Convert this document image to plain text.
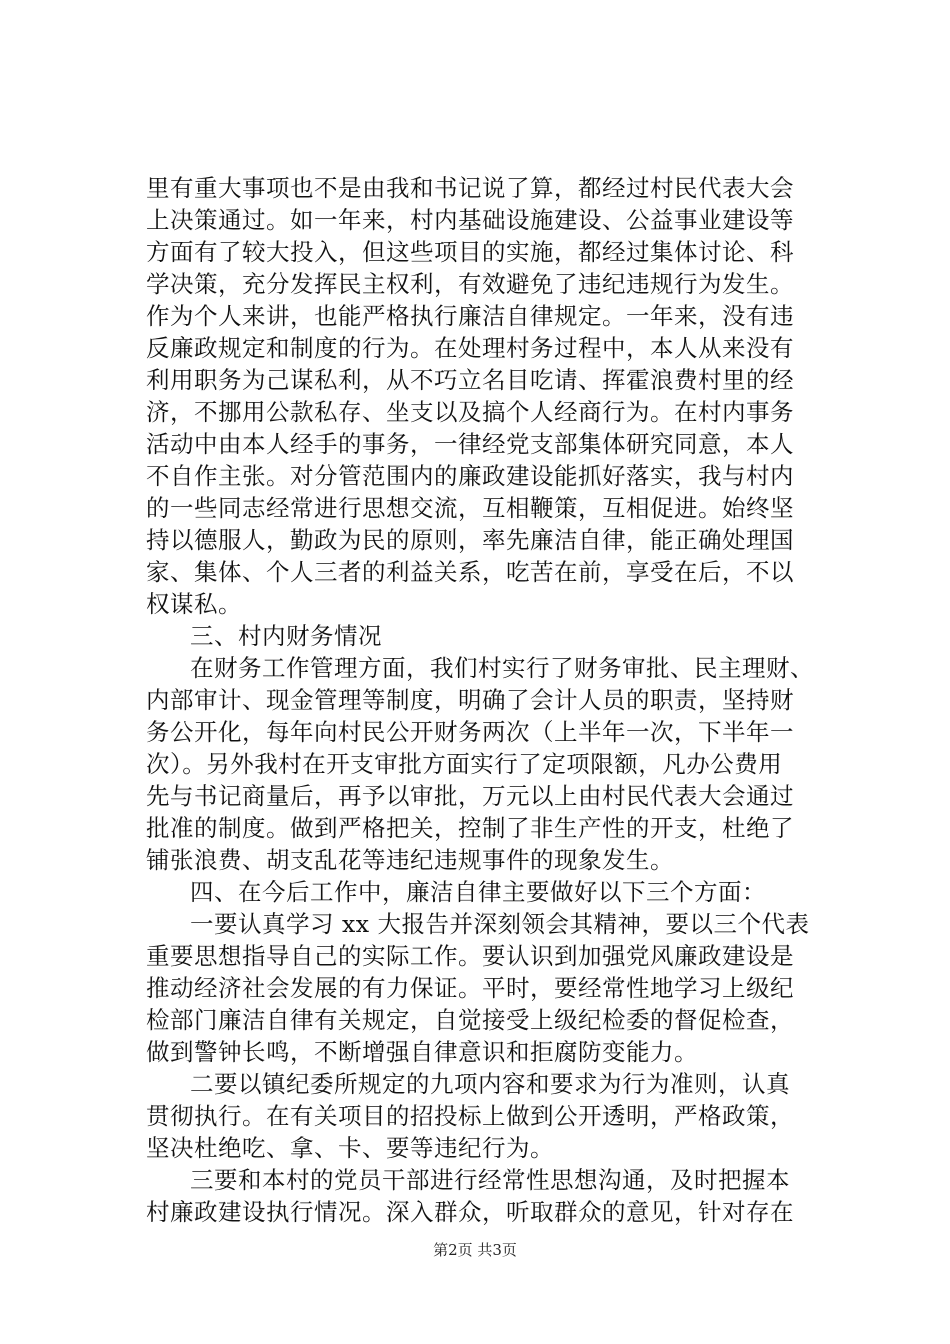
里有重大事项也不是由我和书记说了算，都经过村民代表大会
上决策通过。如一年来，村内基础设施建设、公益事业建设等
方面有了较大投入，但这些项目的实施，都经过集体讨论、科
学决策，充分发挥民主权利，有效避免了违纪违规行为发生。
作为个人来讲，也能严格执行廉洁自律规定。一年来，没有违
反廉政规定和制度的行为。在处理村务过程中，本人从来没有
利用职务为己谋私利，从不巧立名目吃请、挥霍浪费村里的经
济，不挪用公款私存、坐支以及搞个人经商行为。在村内事务
活动中由本人经手的事务，一律经党支部集体研究同意，本人
不自作主张。对分管范围内的廉政建设能抓好落实，我与村内
的一些同志经常进行思想交流，互相鞭策，互相促进。始终坚
持以德服人，勤政为民的原则，率先廉洁自律，能正确处理国
家、集体、个人三者的利益关系，吃苦在前，享受在后，不以
权谋私。
三、村内财务情况
在财务工作管理方面，我们村实行了财务审批、民主理财、
内部审计、现金管理等制度，明确了会计人员的职责，坚持财
务公开化，每年向村民公开财务两次（上半年一次，下半年一
次）。另外我村在开支审批方面实行了定项限额，凡办公费用
先与书记商量后，再予以审批，万元以上由村民代表大会通过
批准的制度。做到严格把关，控制了非生产性的开支，杜绝了
铺张浪费、胡支乱花等违纪违规事件的现象发生。
四、在今后工作中，廉洁自律主要做好以下三个方面：
一要认真学习 xx 大报告并深刻领会其精神，要以三个代表
重要思想指导自己的实际工作。要认识到加强党风廉政建设是
推动经济社会发展的有力保证。平时，要经常性地学习上级纪
检部门廉洁自律有关规定，自觉接受上级纪检委的督促检查，
做到警钟长鸣，不断增强自律意识和拒腐防变能力。
二要以镇纪委所规定的九项内容和要求为行为准则，认真
贯彻执行。在有关项目的招投标上做到公开透明，严格政策，
坚决杜绝吃、拿、卡、要等违纪行为。
三要和本村的党员干部进行经常性思想沟通，及时把握本
村廉政建设执行情况。深入群众，听取群众的意见，针对存在
第2页 共3页
